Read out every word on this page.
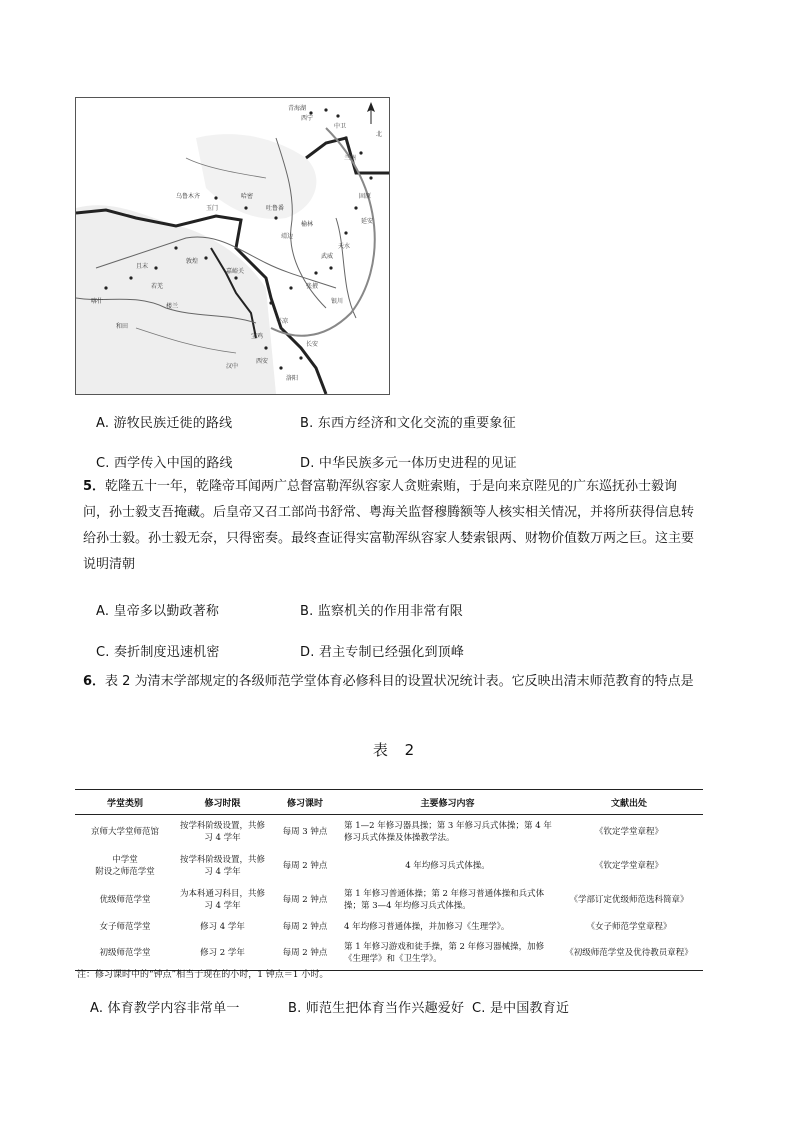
青海湖
中卫
西宁
兰州
固原
天水
张掖
武威
嘉峪关
敦煌
玉门
哈密
吐鲁番
乌鲁木齐
喀什
和田
且末
若羌
楼兰
北
西安
洛阳
长安
平凉
宝鸡
汉中
延安
银川
靖边
榆林
A. 游牧民族迁徙的路线	B. 东西方经济和文化交流的重要象征
C. 西学传入中国的路线	D. 中华民族多元一体历史进程的见证

5．乾隆五十一年，乾隆帝耳闻两广总督富勒浑纵容家人贪赃索贿，于是向来京陛见的广东巡抚孙士毅询问，孙士毅支吾掩藏。后皇帝又召工部尚书舒常、粤海关监督穆腾额等人核实相关情况，并将所获得信息转给孙士毅。孙士毅无奈，只得密奏。最终查证得实富勒浑纵容家人婪索银两、财物价值数万两之巨。这主要说明清朝

A. 皇帝多以勤政著称	B. 监察机关的作用非常有限
C. 奏折制度迅速机密	D. 君主专制已经强化到顶峰

6．表 2 为清末学部规定的各级师范学堂体育必修科目的设置状况统计表。它反映出清末师范教育的特点是

表 2
学堂类别	修习时限	修习课时	主要修习内容	文献出处
京师大学堂师范馆	按学科阶级设置，共修习 4 学年	每周 3 钟点	第 1—2 年修习器具操；第 3 年修习兵式体操；第 4 年修习兵式体操及体操教学法。	《钦定学堂章程》
中学堂
附设之师范学堂	按学科阶级设置，共修习 4 学年	每周 2 钟点	4 年均修习兵式体操。	《钦定学堂章程》
优级师范学堂	为本科通习科目，共修习 4 学年	每周 2 钟点	第 1 年修习普通体操；第 2 年修习普通体操和兵式体操；第 3—4 年均修习兵式体操。	《学部订定优级师范选科简章》
女子师范学堂	修习 4 学年	每周 2 钟点	4 年均修习普通体操，并加修习《生理学》。	《女子师范学堂章程》
初级师范学堂	修习 2 学年	每周 2 钟点	第 1 年修习游戏和徒手操，第 2 年修习器械操，加修《生理学》和《卫生学》。	《初级师范学堂及优待教员章程》
注：修习课时中的“钟点”相当于现在的小时，1 钟点＝1 小时。
A. 体育教学内容非常单一	B. 师范生把体育当作兴趣爱好 C. 是中国教育近
